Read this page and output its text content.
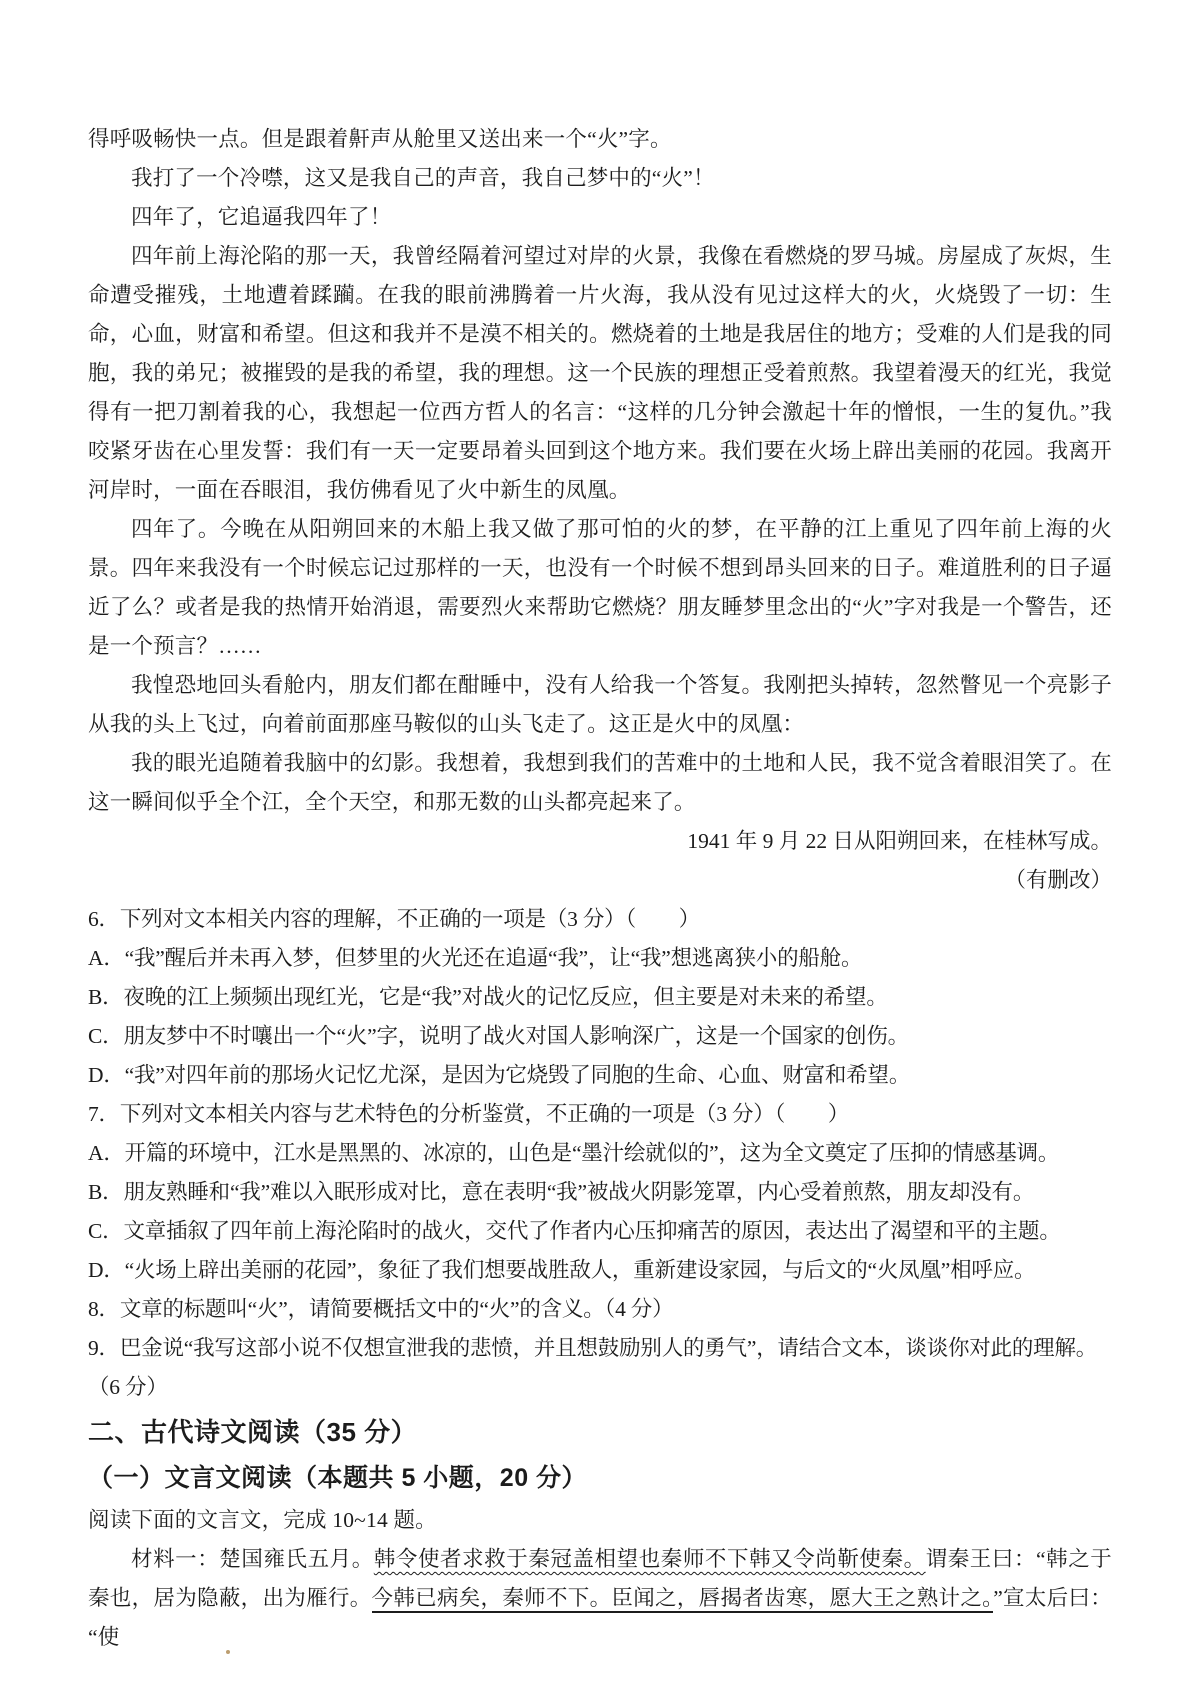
得呼吸畅快一点。但是跟着鼾声从舱里又送出来一个“火”字。

我打了一个冷噤，这又是我自己的声音，我自己梦中的“火”！

四年了，它追逼我四年了！

四年前上海沦陷的那一天，我曾经隔着河望过对岸的火景，我像在看燃烧的罗马城。房屋成了灰烬，生命遭受摧残，土地遭着蹂躏。在我的眼前沸腾着一片火海，我从没有见过这样大的火，火烧毁了一切：生命，心血，财富和希望。但这和我并不是漠不相关的。燃烧着的土地是我居住的地方；受难的人们是我的同胞，我的弟兄；被摧毁的是我的希望，我的理想。这一个民族的理想正受着煎熬。我望着漫天的红光，我觉得有一把刀割着我的心，我想起一位西方哲人的名言：“这样的几分钟会激起十年的憎恨，一生的复仇。”我咬紧牙齿在心里发誓：我们有一天一定要昂着头回到这个地方来。我们要在火场上辟出美丽的花园。我离开河岸时，一面在吞眼泪，我仿佛看见了火中新生的凤凰。

四年了。今晚在从阳朔回来的木船上我又做了那可怕的火的梦，在平静的江上重见了四年前上海的火景。四年来我没有一个时候忘记过那样的一天，也没有一个时候不想到昂头回来的日子。难道胜利的日子逼近了么？或者是我的热情开始消退，需要烈火来帮助它燃烧？朋友睡梦里念出的“火”字对我是一个警告，还是一个预言？……

我惶恐地回头看舱内，朋友们都在酣睡中，没有人给我一个答复。我刚把头掉转，忽然瞥见一个亮影子从我的头上飞过，向着前面那座马鞍似的山头飞走了。这正是火中的凤凰：

我的眼光追随着我脑中的幻影。我想着，我想到我们的苦难中的土地和人民，我不觉含着眼泪笑了。在这一瞬间似乎全个江，全个天空，和那无数的山头都亮起来了。

1941 年 9 月 22 日从阳朔回来，在桂林写成。

（有删改）

6．下列对文本相关内容的理解，不正确的一项是（3 分）（　　）

A．“我”醒后并未再入梦，但梦里的火光还在追逼“我”，让“我”想逃离狭小的船舱。

B．夜晚的江上频频出现红光，它是“我”对战火的记忆反应，但主要是对未来的希望。

C．朋友梦中不时嚷出一个“火”字，说明了战火对国人影响深广，这是一个国家的创伤。

D．“我”对四年前的那场火记忆尤深，是因为它烧毁了同胞的生命、心血、财富和希望。

7．下列对文本相关内容与艺术特色的分析鉴赏，不正确的一项是（3 分）（　　）

A．开篇的环境中，江水是黑黑的、冰凉的，山色是“墨汁绘就似的”，这为全文奠定了压抑的情感基调。

B．朋友熟睡和“我”难以入眠形成对比，意在表明“我”被战火阴影笼罩，内心受着煎熬，朋友却没有。

C．文章插叙了四年前上海沦陷时的战火，交代了作者内心压抑痛苦的原因，表达出了渴望和平的主题。

D．“火场上辟出美丽的花园”，象征了我们想要战胜敌人，重新建设家园，与后文的“火凤凰”相呼应。

8．文章的标题叫“火”，请简要概括文中的“火”的含义。（4 分）

9．巴金说“我写这部小说不仅想宣泄我的悲愤，并且想鼓励别人的勇气”，请结合文本，谈谈你对此的理解。

（6 分）

二、古代诗文阅读（35 分）
（一）文言文阅读（本题共 5 小题，20 分）

阅读下面的文言文，完成 10~14 题。

材料一：楚国雍氏五月。韩令使者求救于秦冠盖相望也秦师不下韩又令尚靳使秦。谓秦王曰：“韩之于秦也，居为隐蔽，出为雁行。今韩已病矣，秦师不下。臣闻之，唇揭者齿寒，愿大王之熟计之。”宣太后曰：“使
